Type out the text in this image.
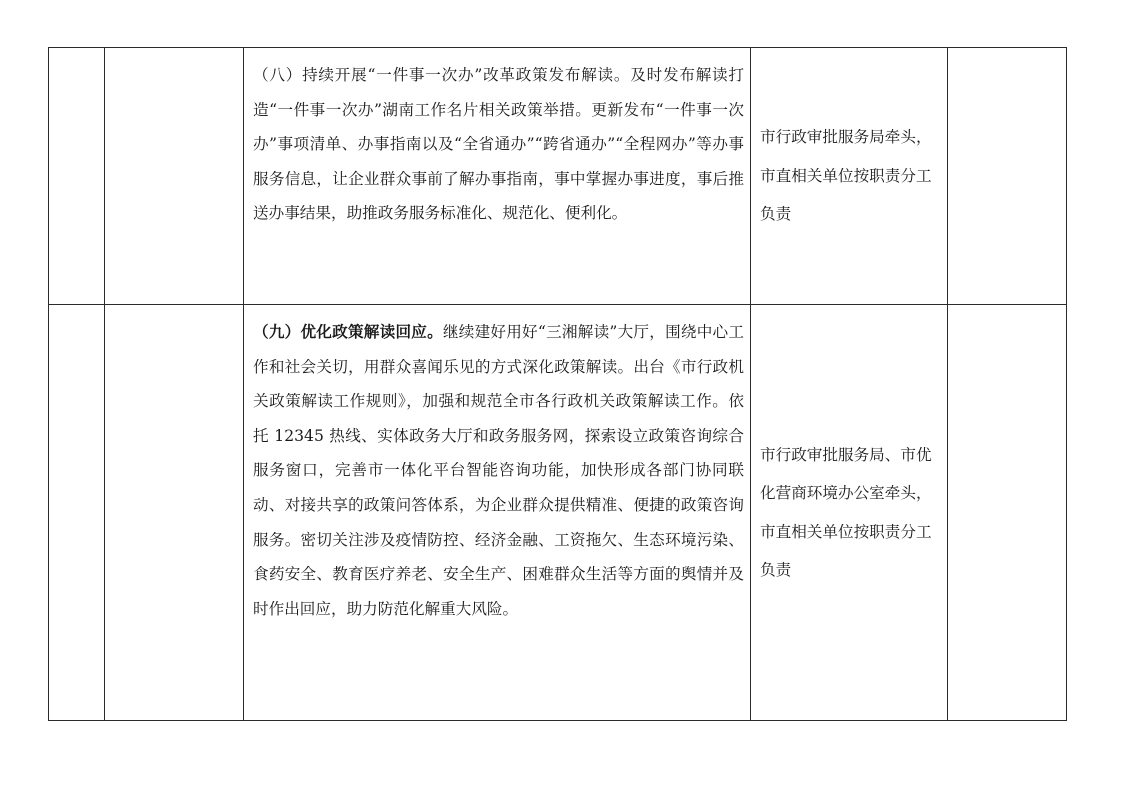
		（八）持续开展“一件事一次办”改革政策发布解读。及时发布解读打造“一件事一次办”湖南工作名片相关政策举措。更新发布“一件事一次办”事项清单、办事指南以及“全省通办”“跨省通办”“全程网办”等办事服务信息，让企业群众事前了解办事指南，事中掌握办事进度，事后推送办事结果，助推政务服务标准化、规范化、便利化。	市行政审批服务局牵头，市直相关单位按职责分工负责	

		（九）优化政策解读回应。继续建好用好“三湘解读”大厅，围绕中心工作和社会关切，用群众喜闻乐见的方式深化政策解读。出台《市行政机关政策解读工作规则》，加强和规范全市各行政机关政策解读工作。依托 12345 热线、实体政务大厅和政务服务网，探索设立政策咨询综合服务窗口，完善市一体化平台智能咨询功能，加快形成各部门协同联动、对接共享的政策问答体系，为企业群众提供精准、便捷的政策咨询服务。密切关注涉及疫情防控、经济金融、工资拖欠、生态环境污染、食药安全、教育医疗养老、安全生产、困难群众生活等方面的舆情并及时作出回应，助力防范化解重大风险。	市行政审批服务局、市优化营商环境办公室牵头，市直相关单位按职责分工负责	
